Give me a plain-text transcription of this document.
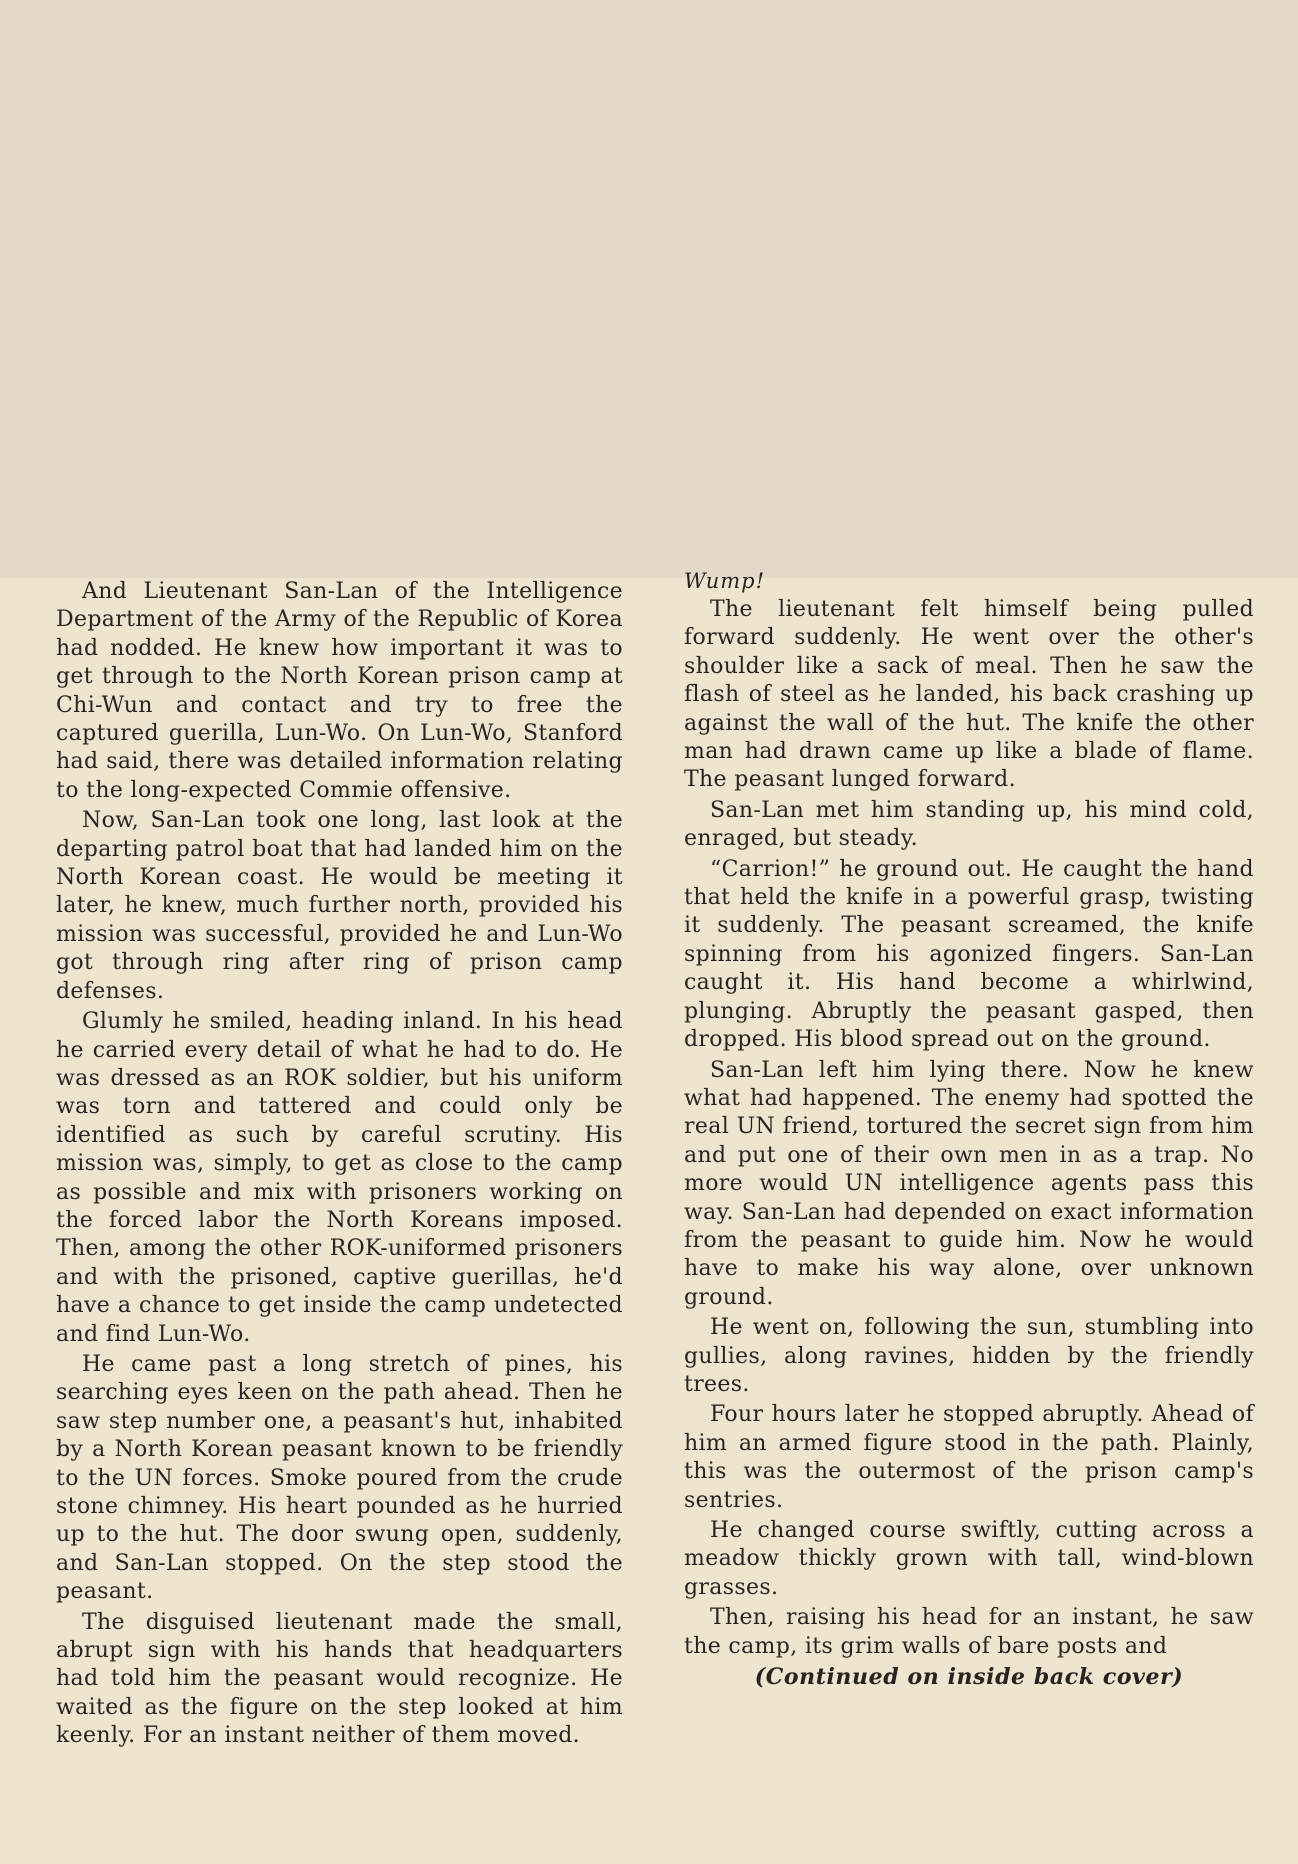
And Lieutenant San-Lan of the Intelligence Department of the Army of the Republic of Korea had nodded. He knew how important it was to get through to the North Korean prison camp at Chi-Wun and contact and try to free the captured guerilla, Lun-Wo. On Lun-Wo, Stanford had said, there was detailed information relating to the long-expected Commie offensive.

Now, San-Lan took one long, last look at the departing patrol boat that had landed him on the North Korean coast. He would be meeting it later, he knew, much further north, provided his mission was successful, provided he and Lun-Wo got through ring after ring of prison camp defenses.

Glumly he smiled, heading inland. In his head he carried every detail of what he had to do. He was dressed as an ROK soldier, but his uniform was torn and tattered and could only be identified as such by careful scrutiny. His mission was, simply, to get as close to the camp as possible and mix with prisoners working on the forced labor the North Koreans imposed. Then, among the other ROK-uniformed prisoners and with the prisoned, captive guerillas, he'd have a chance to get inside the camp undetected and find Lun-Wo.

He came past a long stretch of pines, his searching eyes keen on the path ahead. Then he saw step number one, a peasant's hut, inhabited by a North Korean peasant known to be friendly to the UN forces. Smoke poured from the crude stone chimney. His heart pounded as he hurried up to the hut. The door swung open, suddenly, and San-Lan stopped. On the step stood the peasant.

The disguised lieutenant made the small, abrupt sign with his hands that headquarters had told him the peasant would recognize. He waited as the figure on the step looked at him keenly. For an instant neither of them moved.

Wump!

The lieutenant felt himself being pulled forward suddenly. He went over the other's shoulder like a sack of meal. Then he saw the flash of steel as he landed, his back crashing up against the wall of the hut. The knife the other man had drawn came up like a blade of flame. The peasant lunged forward.

San-Lan met him standing up, his mind cold, enraged, but steady.

“Carrion!” he ground out. He caught the hand that held the knife in a powerful grasp, twisting it suddenly. The peasant screamed, the knife spinning from his agonized fingers. San-Lan caught it. His hand become a whirlwind, plunging. Abruptly the peasant gasped, then dropped. His blood spread out on the ground.

San-Lan left him lying there. Now he knew what had happened. The enemy had spotted the real UN friend, tortured the secret sign from him and put one of their own men in as a trap. No more would UN intelligence agents pass this way. San-Lan had depended on exact information from the peasant to guide him. Now he would have to make his way alone, over unknown ground.

He went on, following the sun, stumbling into gullies, along ravines, hidden by the friendly trees.

Four hours later he stopped abruptly. Ahead of him an armed figure stood in the path. Plainly, this was the outermost of the prison camp's sentries.

He changed course swiftly, cutting across a meadow thickly grown with tall, wind-blown grasses.

Then, raising his head for an instant, he saw the camp, its grim walls of bare posts and

(Continued on inside back cover)
